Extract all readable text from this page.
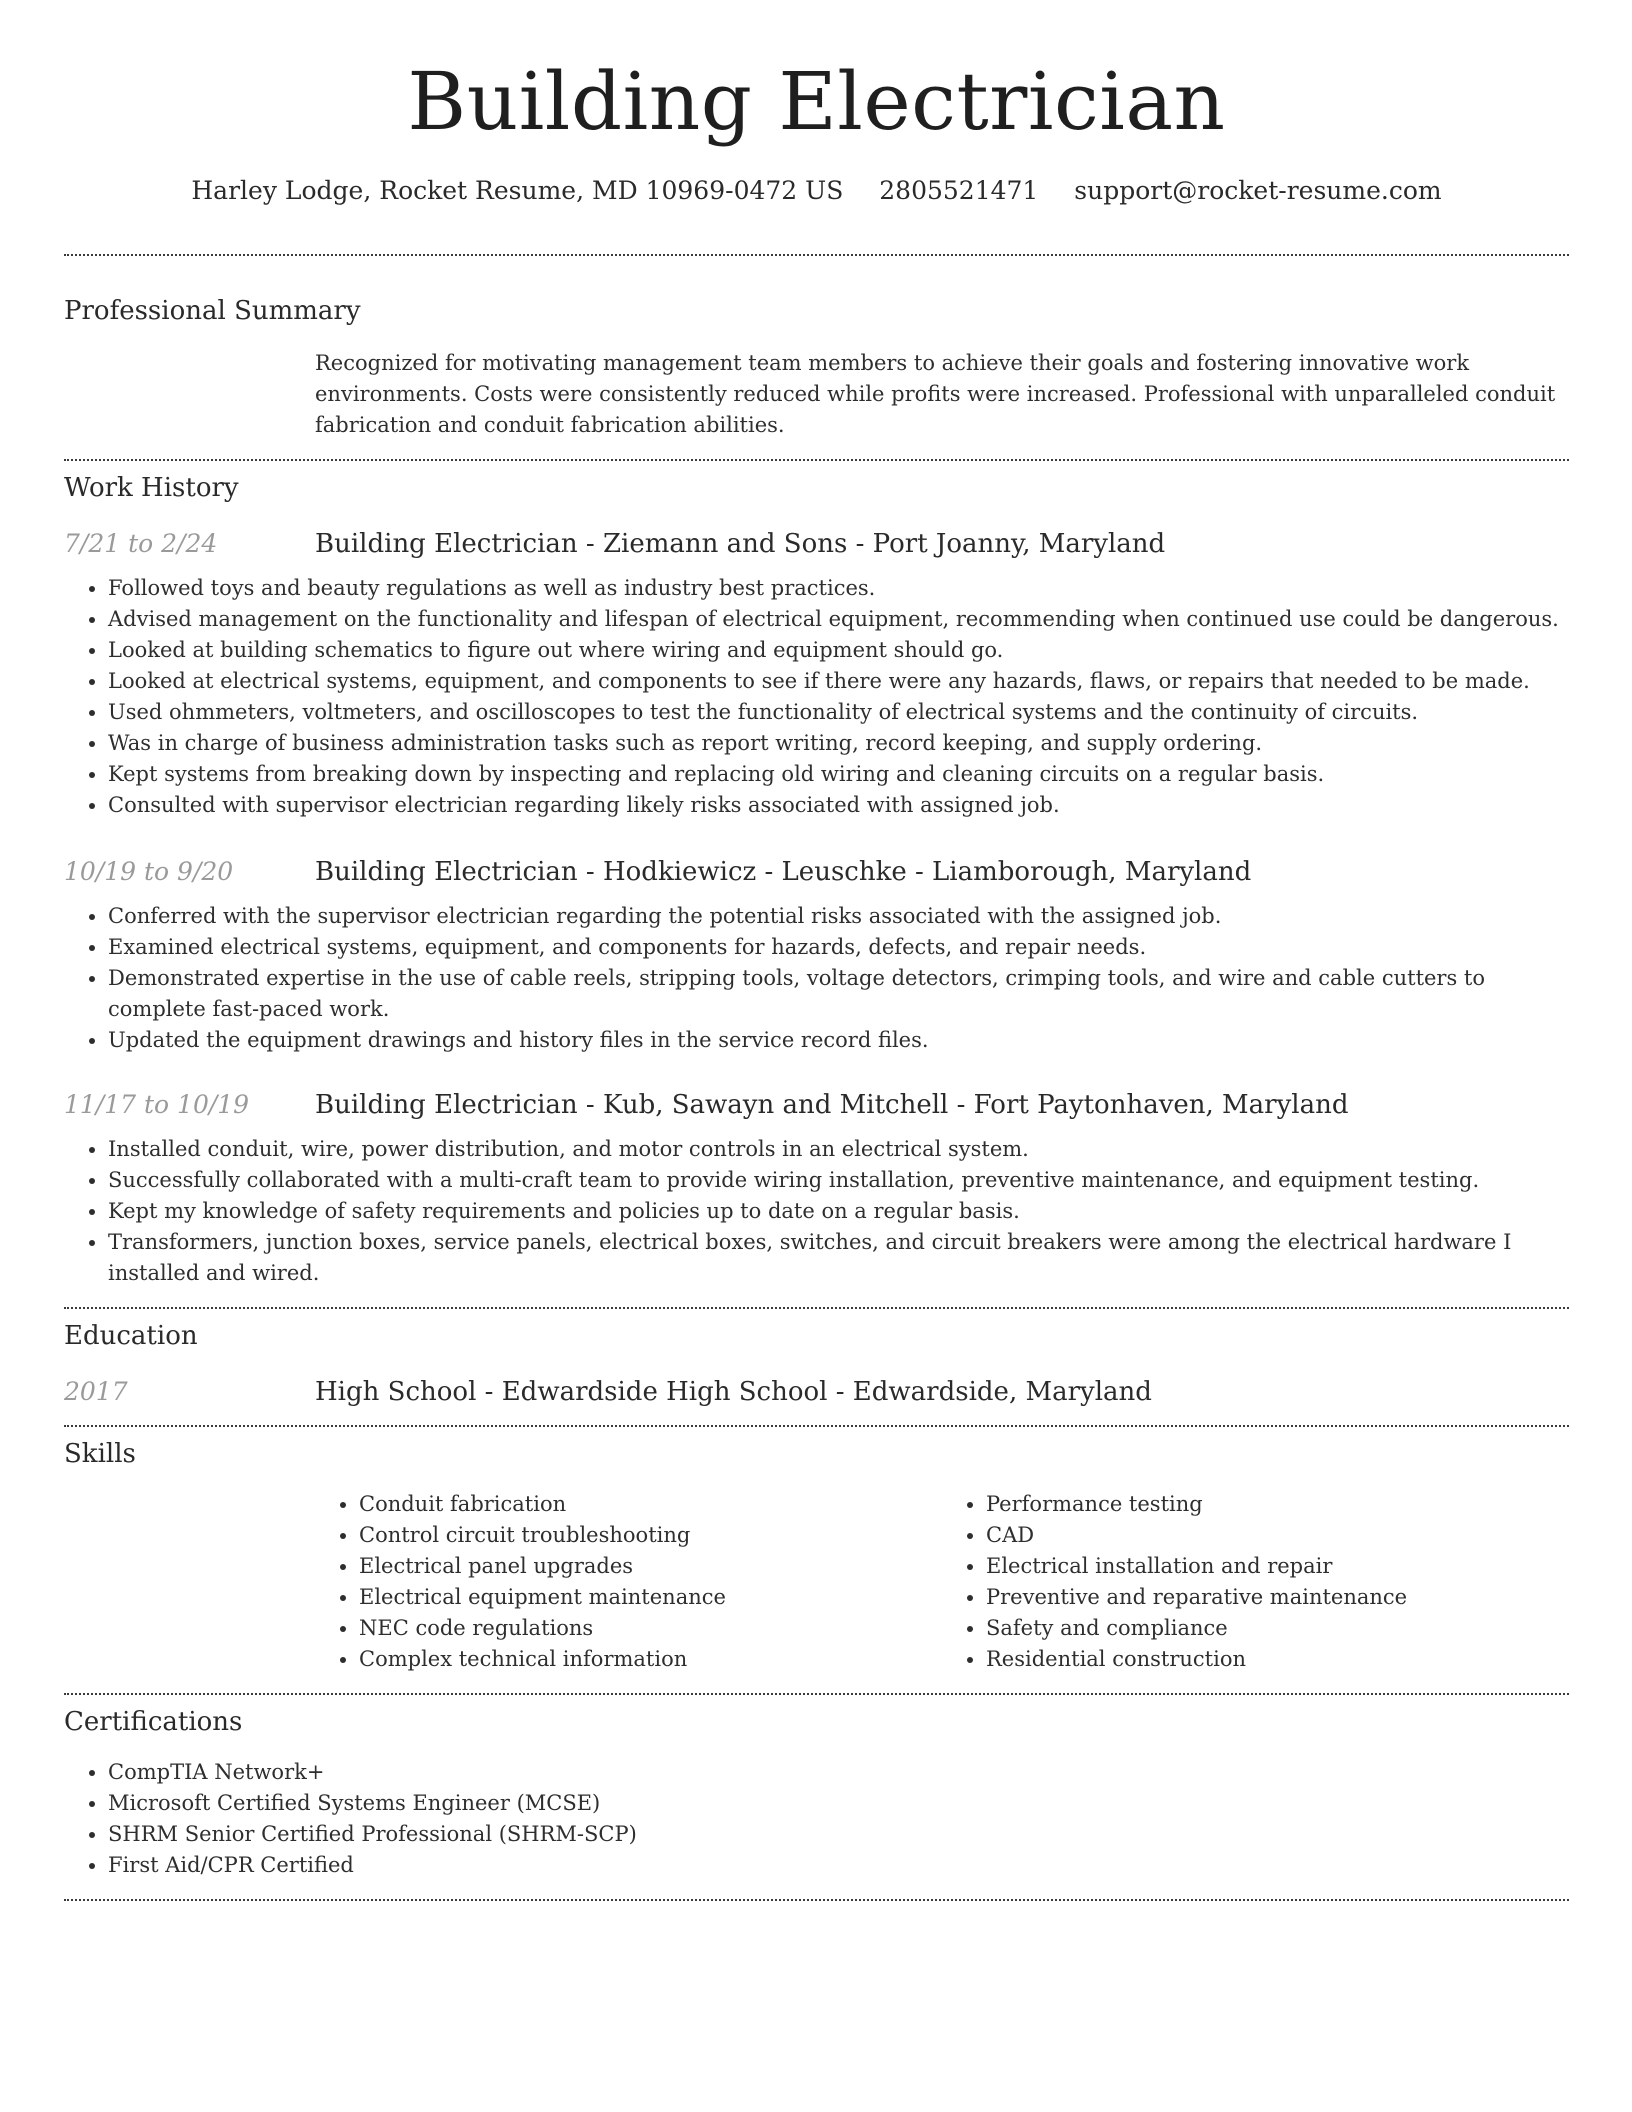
Building Electrician
Harley Lodge, Rocket Resume, MD 10969-0472 US 2805521471 support@rocket-resume.com
Professional Summary
Recognized for motivating management team members to achieve their goals and fostering innovative work environments. Costs were consistently reduced while profits were increased. Professional with unparalleled conduit fabrication and conduit fabrication abilities.
Work History
7/21 to 2/24	Building Electrician - Ziemann and Sons - Port Joanny, Maryland
• Followed toys and beauty regulations as well as industry best practices.
• Advised management on the functionality and lifespan of electrical equipment, recommending when continued use could be dangerous.
• Looked at building schematics to figure out where wiring and equipment should go.
• Looked at electrical systems, equipment, and components to see if there were any hazards, flaws, or repairs that needed to be made.
• Used ohmmeters, voltmeters, and oscilloscopes to test the functionality of electrical systems and the continuity of circuits.
• Was in charge of business administration tasks such as report writing, record keeping, and supply ordering.
• Kept systems from breaking down by inspecting and replacing old wiring and cleaning circuits on a regular basis.
• Consulted with supervisor electrician regarding likely risks associated with assigned job.
10/19 to 9/20	Building Electrician - Hodkiewicz - Leuschke - Liamborough, Maryland
• Conferred with the supervisor electrician regarding the potential risks associated with the assigned job.
• Examined electrical systems, equipment, and components for hazards, defects, and repair needs.
• Demonstrated expertise in the use of cable reels, stripping tools, voltage detectors, crimping tools, and wire and cable cutters to complete fast-paced work.
• Updated the equipment drawings and history files in the service record files.
11/17 to 10/19	Building Electrician - Kub, Sawayn and Mitchell - Fort Paytonhaven, Maryland
• Installed conduit, wire, power distribution, and motor controls in an electrical system.
• Successfully collaborated with a multi-craft team to provide wiring installation, preventive maintenance, and equipment testing.
• Kept my knowledge of safety requirements and policies up to date on a regular basis.
• Transformers, junction boxes, service panels, electrical boxes, switches, and circuit breakers were among the electrical hardware I installed and wired.
Education
2017	High School - Edwardside High School - Edwardside, Maryland
Skills
• Conduit fabrication
• Control circuit troubleshooting
• Electrical panel upgrades
• Electrical equipment maintenance
• NEC code regulations
• Complex technical information
• Performance testing
• CAD
• Electrical installation and repair
• Preventive and reparative maintenance
• Safety and compliance
• Residential construction
Certifications
• CompTIA Network+
• Microsoft Certified Systems Engineer (MCSE)
• SHRM Senior Certified Professional (SHRM-SCP)
• First Aid/CPR Certified
